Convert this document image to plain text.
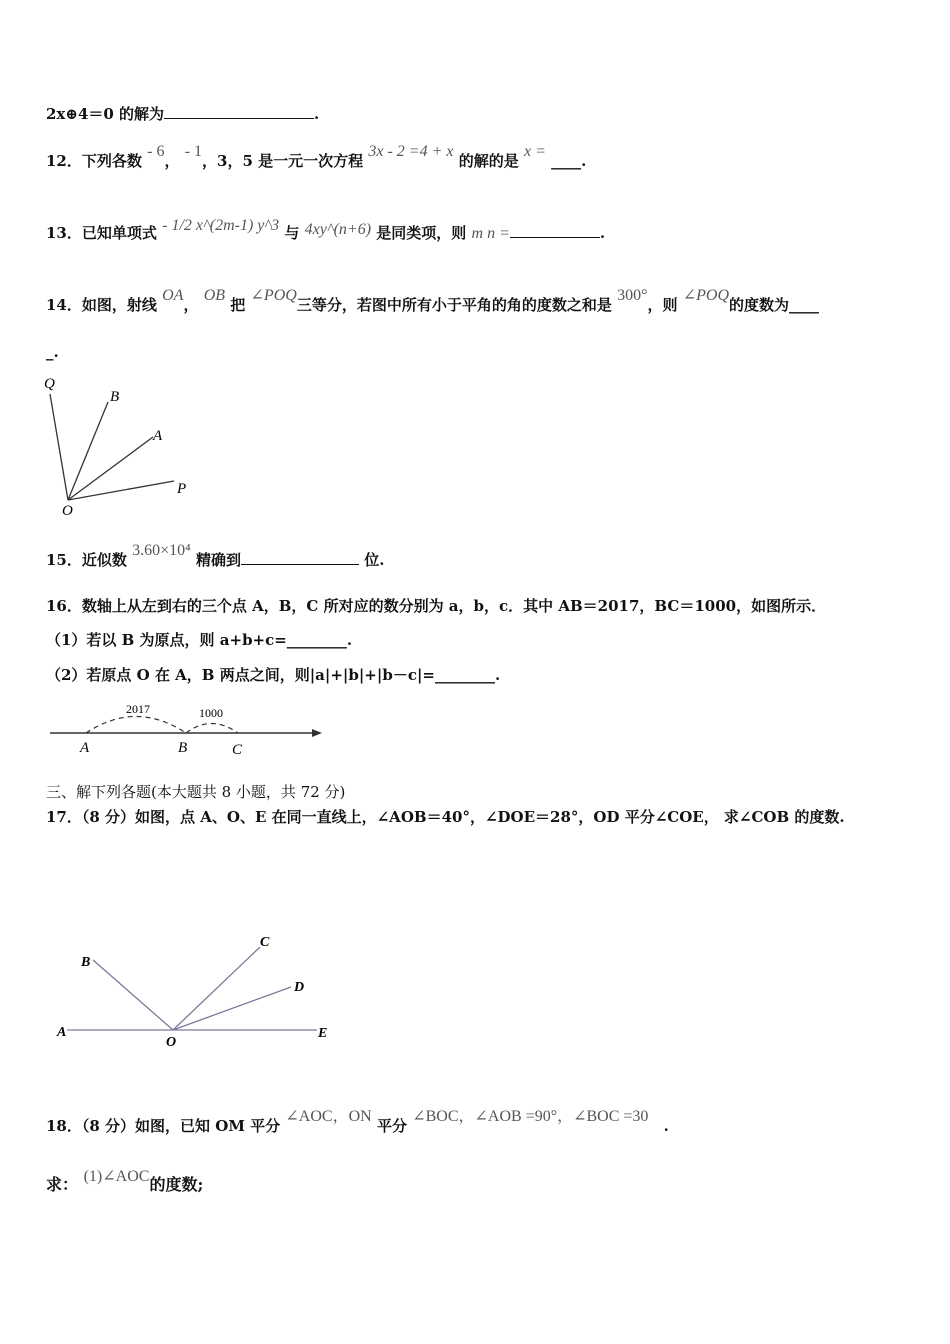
2x⊕4＝0 的解为	.
12．下列各数 - 6， - 1，3，5 是一元一次方程 3x - 2 =4 + x 的解的是 x = ____.
13．已知单项式 - 1/2 x^(2m-1) y^3 与 4xy^(n+6) 是同类项，则 m n =	.
14．如图，射线 OA， OB 把 ∠POQ三等分，若图中所有小于平角的角的度数之和是 300°，则 ∠POQ的度数为____
_.
Q
B
A
P
O
15．近似数 3.60×10⁴ 精确到	位.
16．数轴上从左到右的三个点 A，B，C 所对应的数分别为 a，b，c．其中 AB＝2017，BC＝1000，如图所示．
（1）若以 B 为原点，则 a+b+c=________.
（2）若原点 O 在 A，B 两点之间，则|a|+|b|+|b－c|=________.
2017	1000
A	B	C
三、解下列各题(本大题共 8 小题，共 72 分)
17．（8 分）如图，点 A、O、E 在同一直线上，∠AOB＝40°，∠DOE＝28°，OD 平分∠COE， 求∠COB 的度数.
A
B
C
D
E
O
18．（8 分）如图，已知 OM 平分 ∠AOC，ON 平分 ∠BOC，∠AOB =90°，∠BOC =30 .
求： (1)∠AOC的度数;
